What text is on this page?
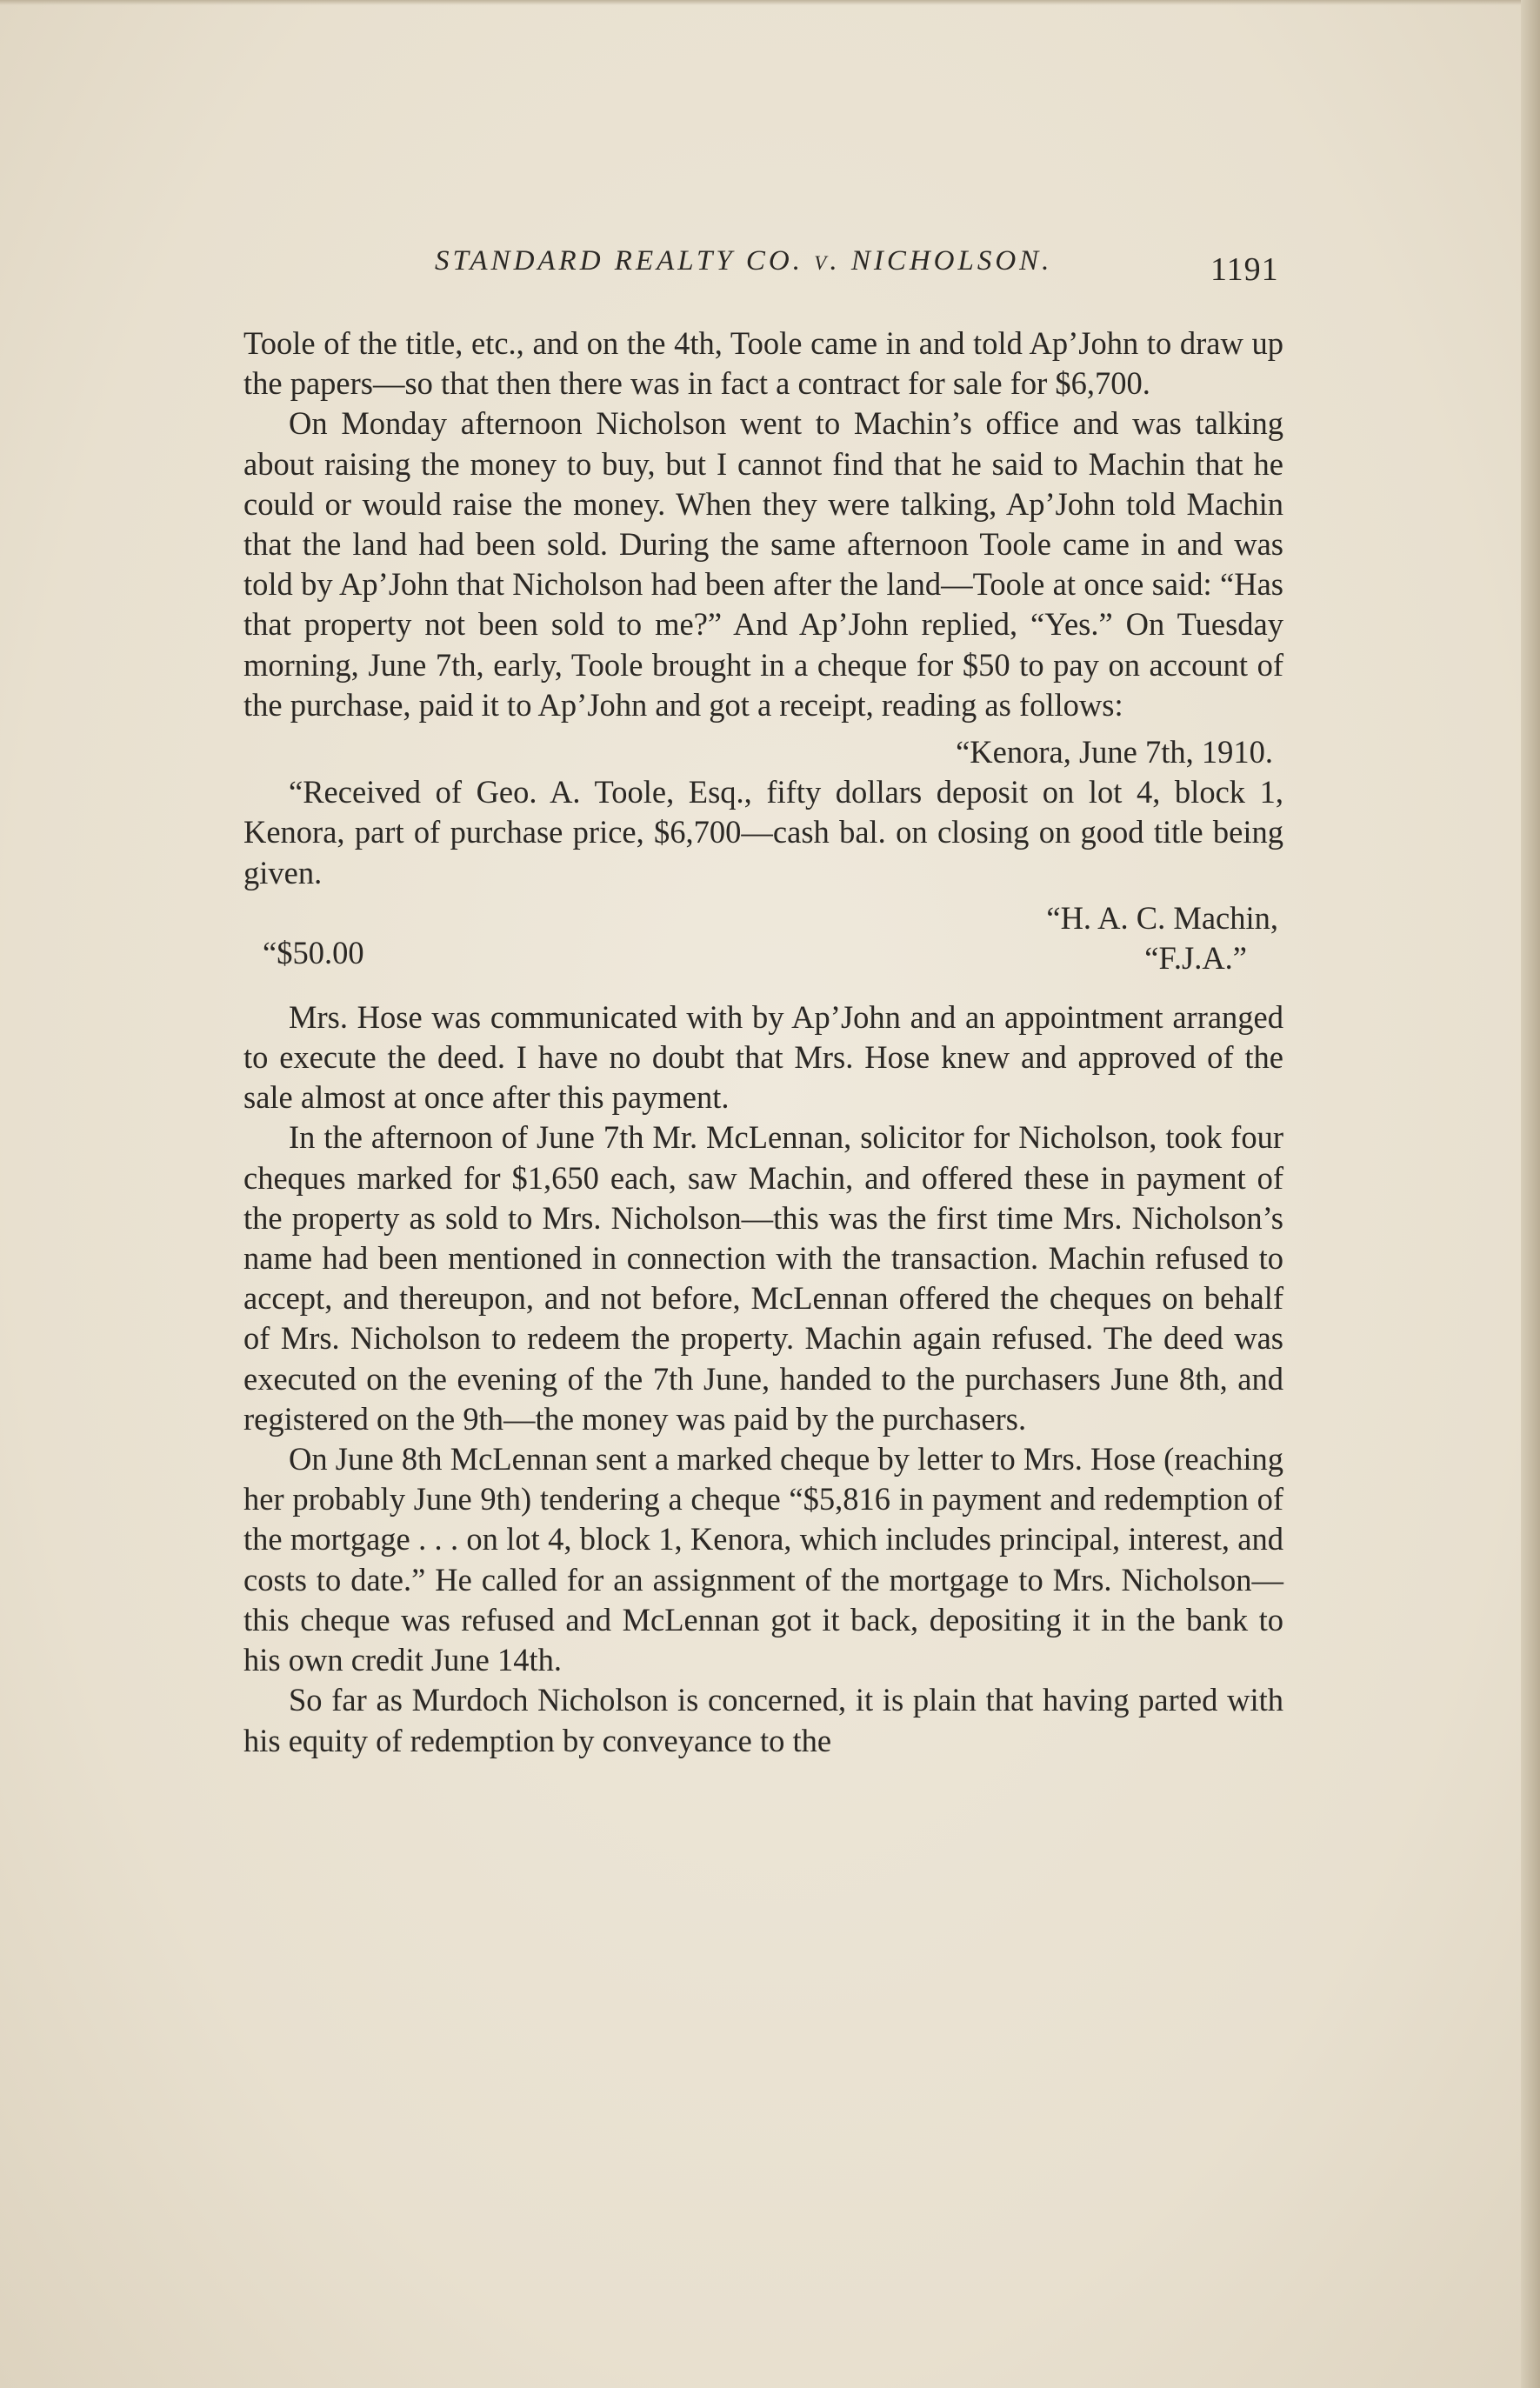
STANDARD REALTY CO. v. NICHOLSON.	1191

Toole of the title, etc., and on the 4th, Toole came in and told Ap’John to draw up the papers—so that then there was in fact a contract for sale for $6,700.

On Monday afternoon Nicholson went to Machin’s office and was talking about raising the money to buy, but I cannot find that he said to Machin that he could or would raise the money. When they were talking, Ap’John told Machin that the land had been sold. During the same afternoon Toole came in and was told by Ap’John that Nicholson had been after the land—Toole at once said: “Has that property not been sold to me?” And Ap’John replied, “Yes.” On Tuesday morning, June 7th, early, Toole brought in a cheque for $50 to pay on account of the purchase, paid it to Ap’John and got a receipt, reading as follows:

“Kenora, June 7th, 1910.

“Received of Geo. A. Toole, Esq., fifty dollars deposit on lot 4, block 1, Kenora, part of purchase price, $6,700—cash bal. on closing on good title being given.

“H. A. C. Machin,
“$50.00	“F.J.A.”

Mrs. Hose was communicated with by Ap’John and an appointment arranged to execute the deed. I have no doubt that Mrs. Hose knew and approved of the sale almost at once after this payment.

In the afternoon of June 7th Mr. McLennan, solicitor for Nicholson, took four cheques marked for $1,650 each, saw Machin, and offered these in payment of the property as sold to Mrs. Nicholson—this was the first time Mrs. Nicholson’s name had been mentioned in connection with the transaction. Machin refused to accept, and thereupon, and not before, McLennan offered the cheques on behalf of Mrs. Nicholson to redeem the property. Machin again refused. The deed was executed on the evening of the 7th June, handed to the purchasers June 8th, and registered on the 9th—the money was paid by the purchasers.

On June 8th McLennan sent a marked cheque by letter to Mrs. Hose (reaching her probably June 9th) tendering a cheque “$5,816 in payment and redemption of the mortgage . . . on lot 4, block 1, Kenora, which includes principal, interest, and costs to date.” He called for an assignment of the mortgage to Mrs. Nicholson—this cheque was refused and McLennan got it back, depositing it in the bank to his own credit June 14th.

So far as Murdoch Nicholson is concerned, it is plain that having parted with his equity of redemption by conveyance to the
